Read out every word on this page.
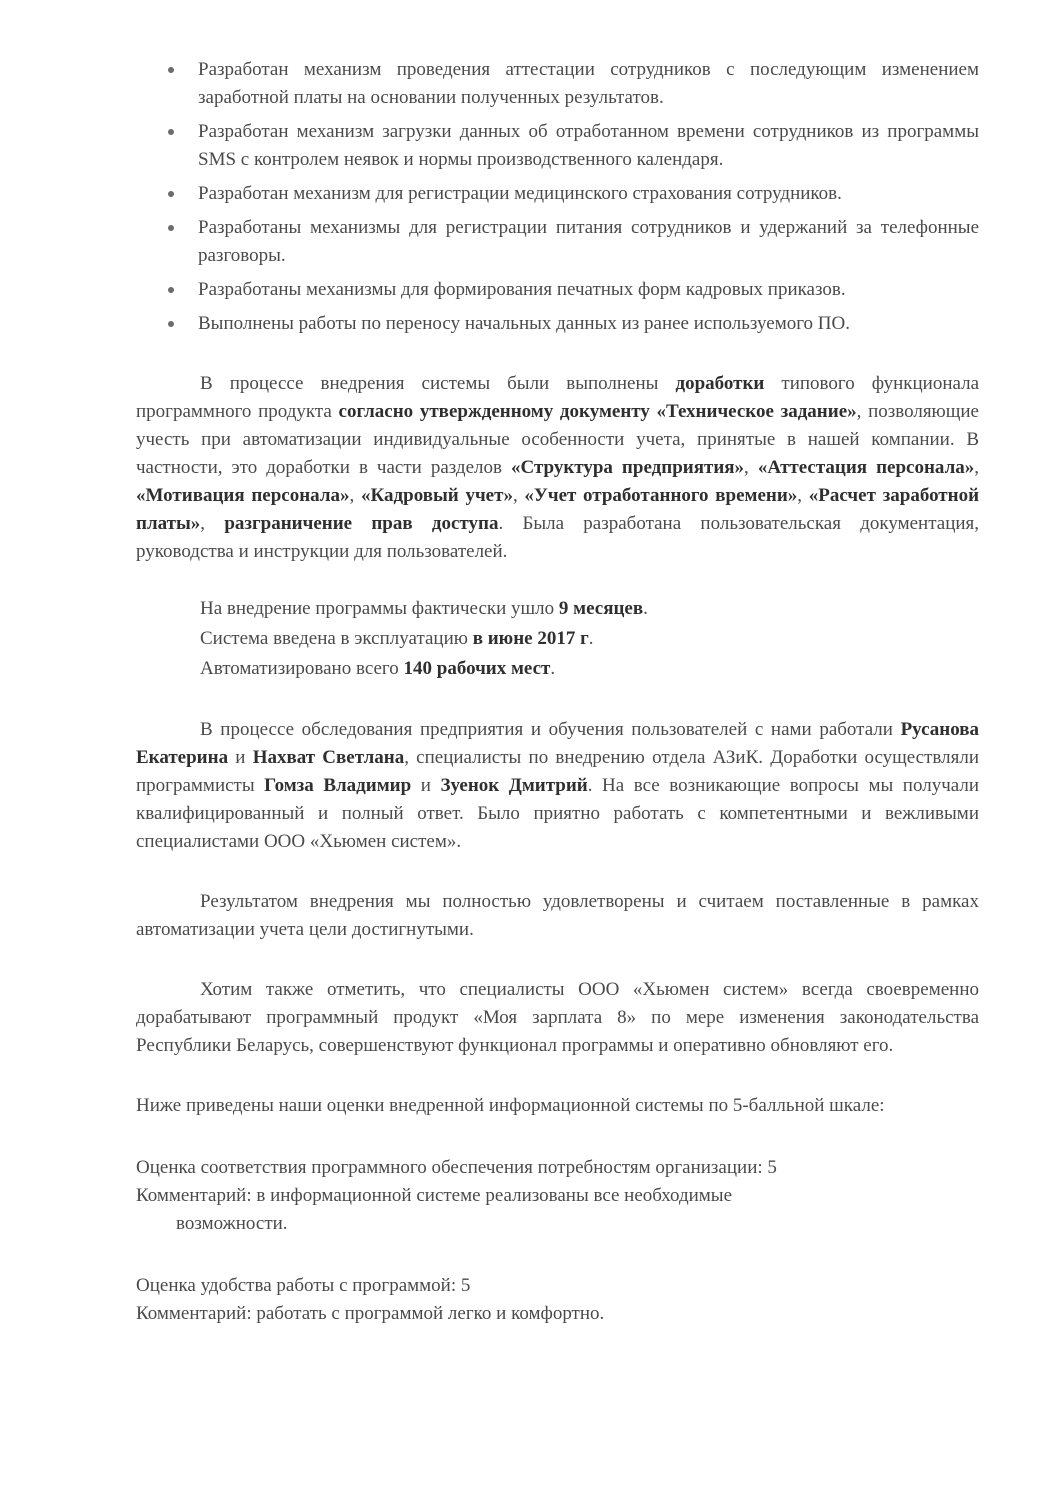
Разработан механизм проведения аттестации сотрудников с последующим изменением заработной платы на основании полученных результатов.
Разработан механизм загрузки данных об отработанном времени сотрудников из программы SMS с контролем неявок и нормы производственного календаря.
Разработан механизм для регистрации медицинского страхования сотрудников.
Разработаны механизмы для регистрации питания сотрудников и удержаний за телефонные разговоры.
Разработаны механизмы для формирования печатных форм кадровых приказов.
Выполнены работы по переносу начальных данных из ранее используемого ПО.

В процессе внедрения системы были выполнены доработки типового функционала программного продукта согласно утвержденному документу «Техническое задание», позволяющие учесть при автоматизации индивидуальные особенности учета, принятые в нашей компании. В частности, это доработки в части разделов «Структура предприятия», «Аттестация персонала», «Мотивация персонала», «Кадровый учет», «Учет отработанного времени», «Расчет заработной платы», разграничение прав доступа. Была разработана пользовательская документация, руководства и инструкции для пользователей.

На внедрение программы фактически ушло 9 месяцев.
Система введена в эксплуатацию в июне 2017 г.
Автоматизировано всего 140 рабочих мест.

В процессе обследования предприятия и обучения пользователей с нами работали Русанова Екатерина и Нахват Светлана, специалисты по внедрению отдела АЗиК. Доработки осуществляли программисты Гомза Владимир и Зуенок Дмитрий. На все возникающие вопросы мы получали квалифицированный и полный ответ. Было приятно работать с компетентными и вежливыми специалистами ООО «Хьюмен систем».

Результатом внедрения мы полностью удовлетворены и считаем поставленные в рамках автоматизации учета цели достигнутыми.

Хотим также отметить, что специалисты ООО «Хьюмен систем» всегда своевременно дорабатывают программный продукт «Моя зарплата 8» по мере изменения законодательства Республики Беларусь, совершенствуют функционал программы и оперативно обновляют его.

Ниже приведены наши оценки внедренной информационной системы по 5-балльной шкале:

Оценка соответствия программного обеспечения потребностям организации: 5
Комментарий: в информационной системе реализованы все необходимые
возможности.
Оценка удобства работы с программой: 5
Комментарий: работать с программой легко и комфортно.
